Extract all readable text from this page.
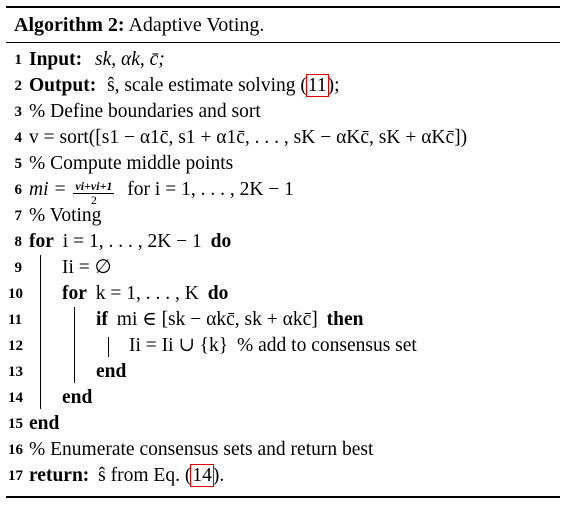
Algorithm 2: Adaptive Voting.
1 Input: sk, αk, c̄;
2 Output: ŝ, scale estimate solving (11);
3 % Define boundaries and sort
4 v = sort([s1 − α1c̄, s1 + α1c̄, . . . , sK − αKc̄, sK + αKc̄])
5 % Compute middle points
6 mi = $\frac{vi+vi+1}{2}$ for i = 1, . . . , 2K − 1
7 % Voting
8 for i = 1, . . . , 2K − 1 do
9 Ii = ∅
10 for k = 1, . . . , K do
11	if mi ∈ [sk − αkc̄, sk + αkc̄] then
12	Ii = Ii ∪ {k} % add to consensus set
13	end
14 end
15 end
16 % Enumerate consensus sets and return best
17 return: ŝ from Eq. (14).
